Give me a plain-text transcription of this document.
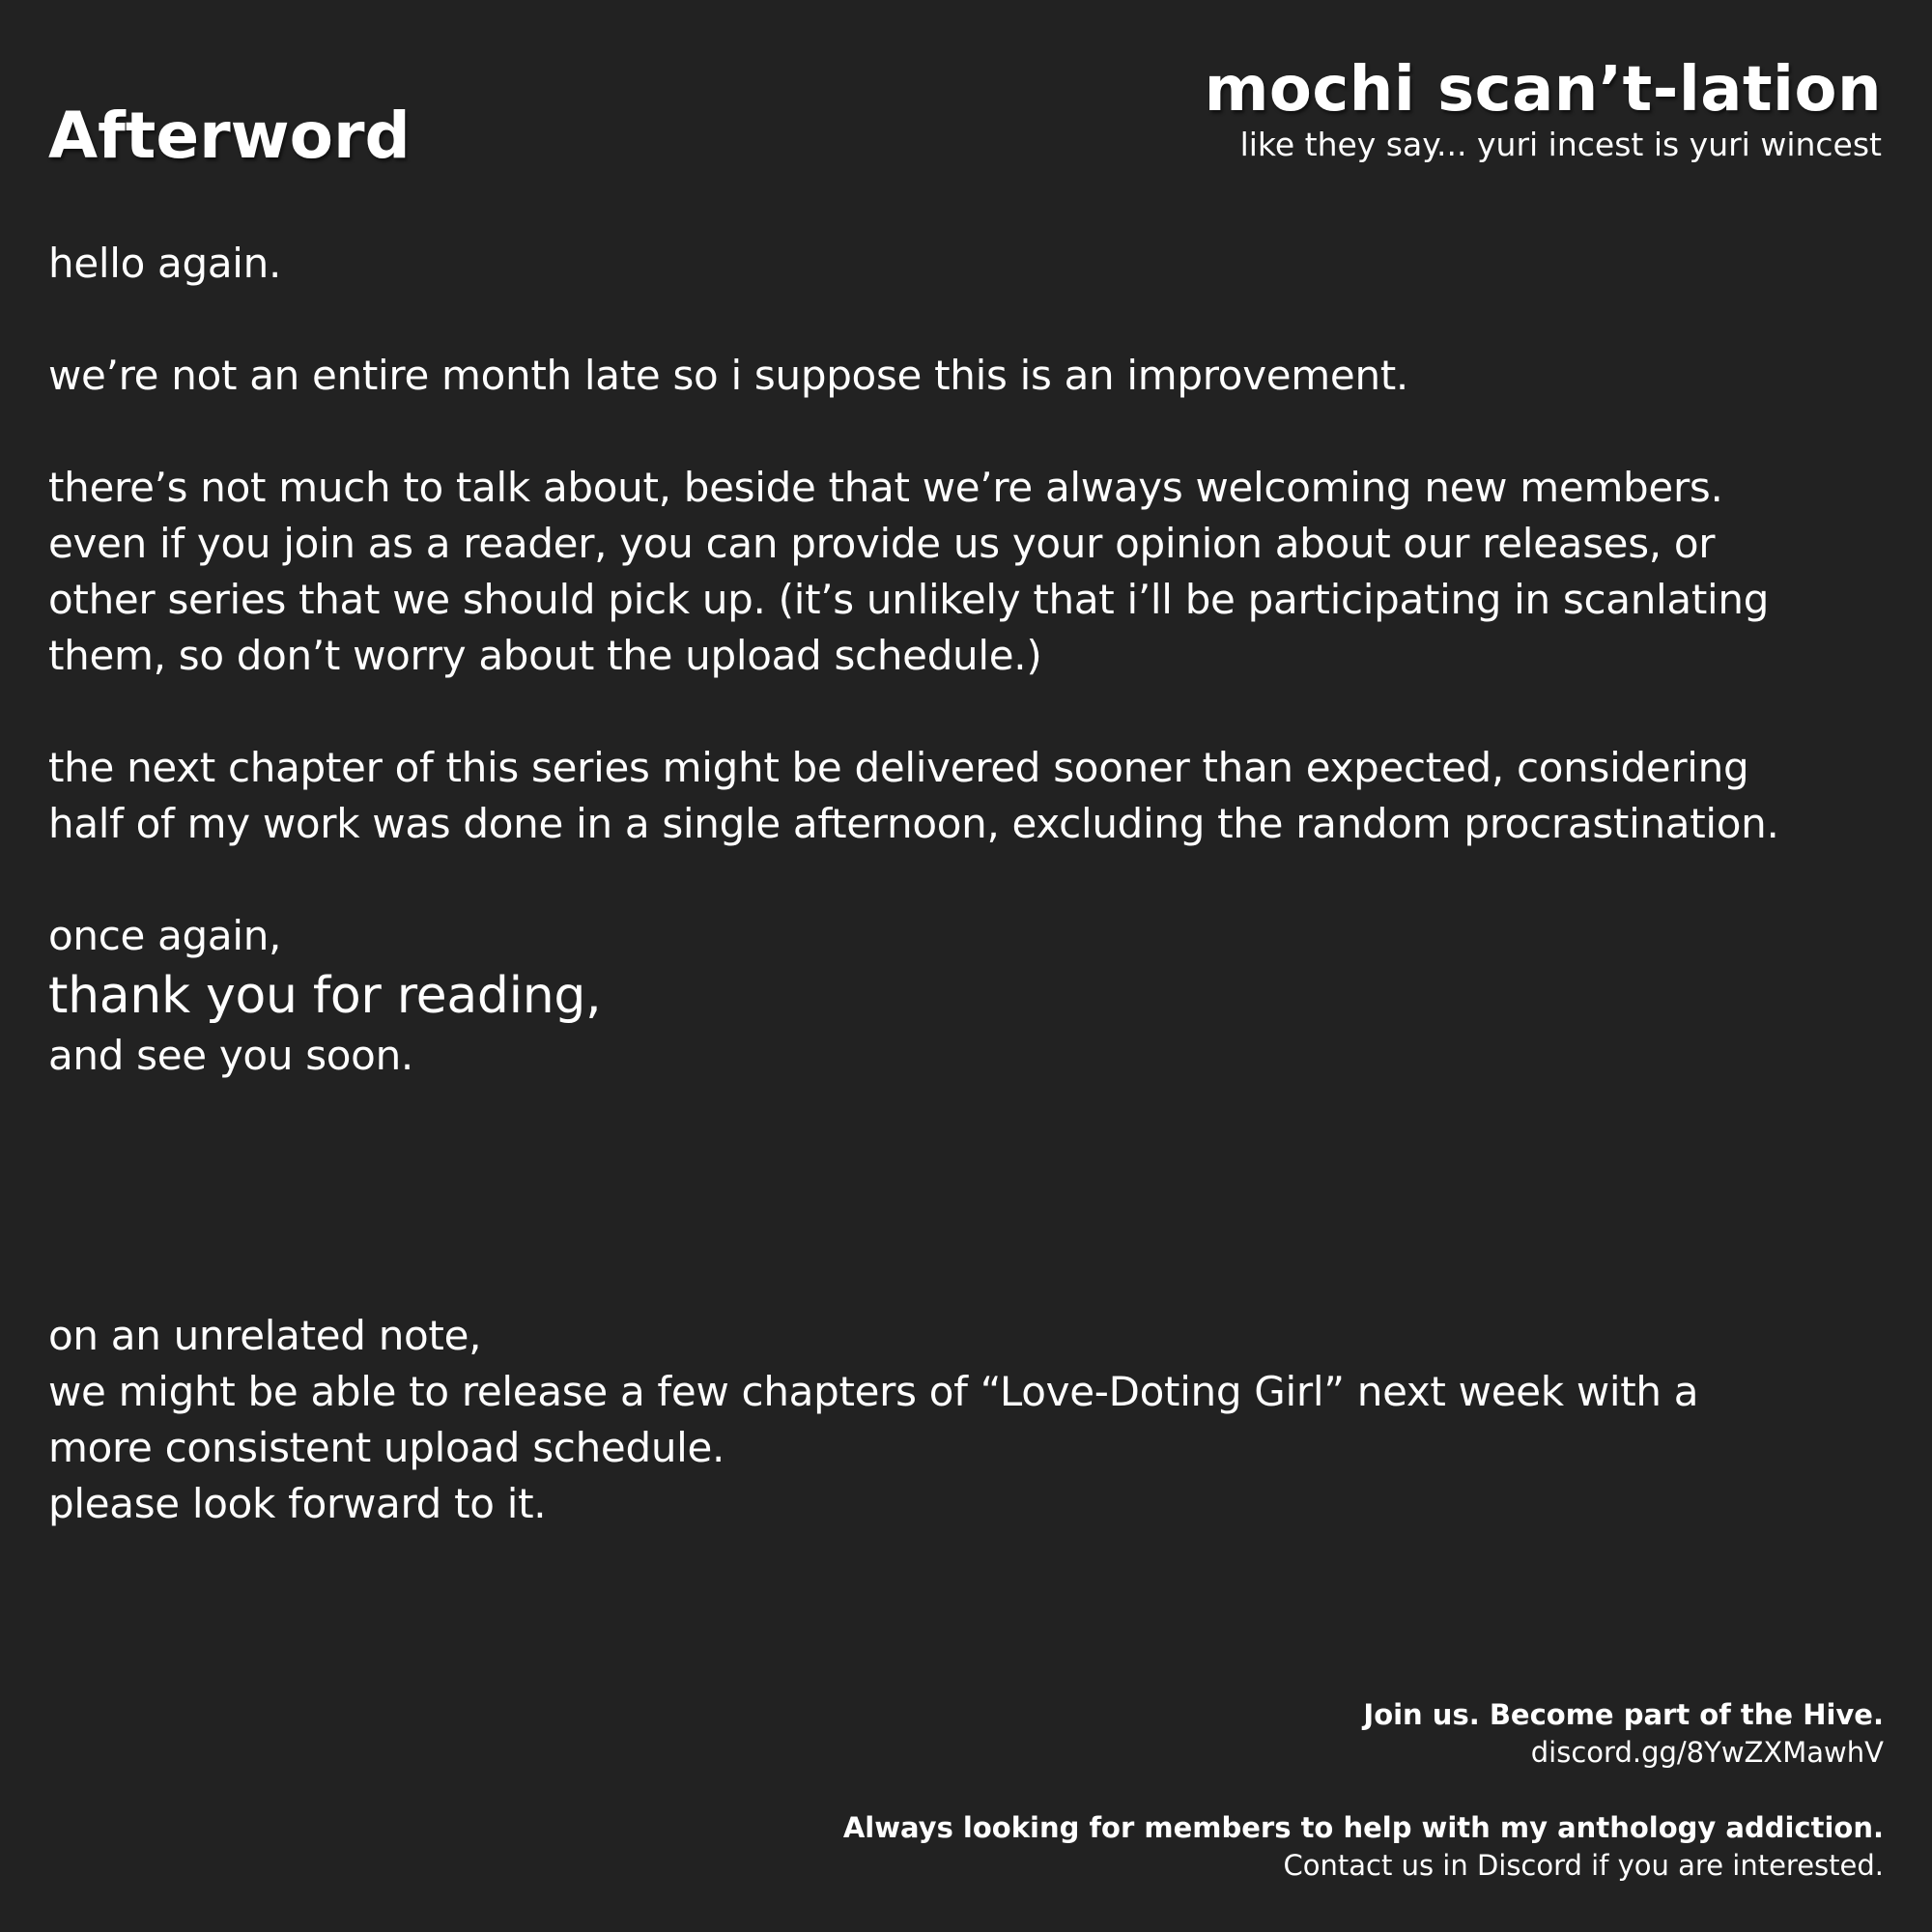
Afterword
mochi scan’t-lation
like they say... yuri incest is yuri wincest

hello again.

we’re not an entire month late so i suppose this is an improvement.

there’s not much to talk about, beside that we’re always welcoming new members.

even if you join as a reader, you can provide us your opinion about our releases, or

other series that we should pick up. (it’s unlikely that i’ll be participating in scanlating

them, so don’t worry about the upload schedule.)

the next chapter of this series might be delivered sooner than expected, considering

half of my work was done in a single afternoon, excluding the random procrastination.

once again,

thank you for reading,

and see you soon.

on an unrelated note,

we might be able to release a few chapters of “Love-Doting Girl” next week with a

more consistent upload schedule.

please look forward to it.

Join us. Become part of the Hive.
discord.gg/8YwZXMawhV
Always looking for members to help with my anthology addiction.
Contact us in Discord if you are interested.
